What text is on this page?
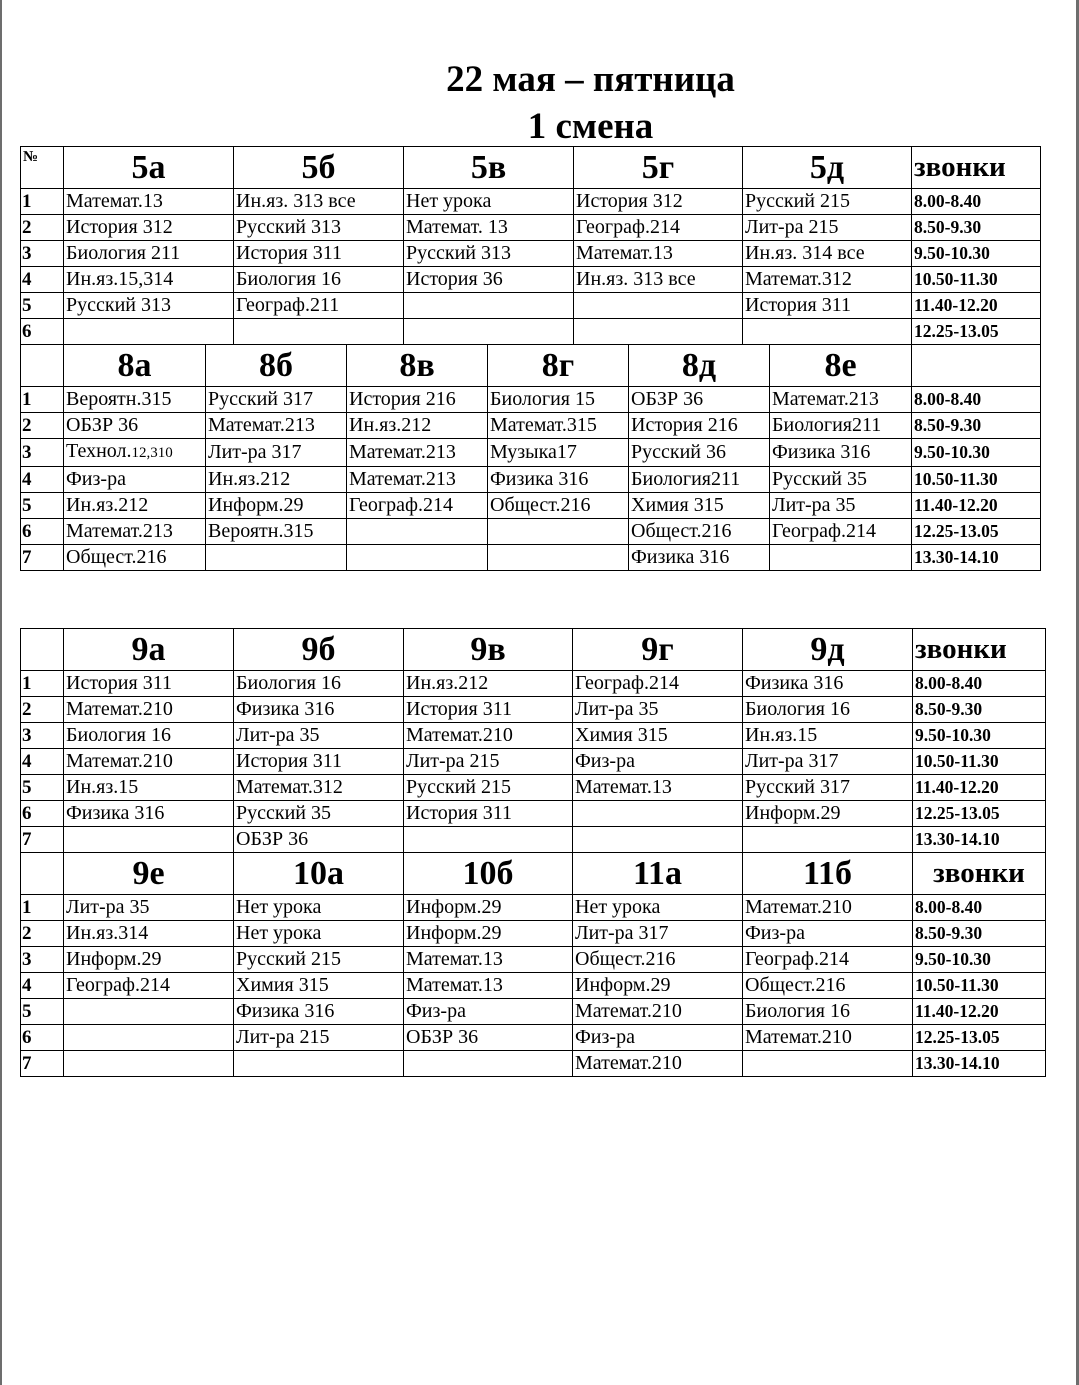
22 мая – пятница
1 смена
№	5а		5б		5в		5г		5д		звонки
1	Математ.13		Ин.яз. 313 все		Нет урока		История 312		Русский 215		8.00-8.40
2	История 312		Русский 313		Математ. 13		Географ.214		Лит-ра 215		8.50-9.30
3	Биология 211		История 311		Русский 313		Математ.13		Ин.яз. 314 все		9.50-10.30
4	Ин.яз.15,314		Биология 16		История 36		Ин.яз. 313 все		Математ.312		10.50-11.30
5	Русский 313		Географ.211						История 311		11.40-12.20
6											12.25-13.05
	8а	8б		8в		8г		8д		8е	
1	Вероятн.315	Русский 317		История 216		Биология 15		ОБЗР 36		Математ.213	8.00-8.40
2	ОБЗР 36	Математ.213		Ин.яз.212		Математ.315		История 216		Биология211	8.50-9.30
3	Технол.12,310	Лит-ра 317		Математ.213		Музыка17		Русский 36		Физика 316	9.50-10.30
4	Физ-ра	Ин.яз.212		Математ.213		Физика 316		Биология211		Русский 35	10.50-11.30
5	Ин.яз.212	Информ.29		Географ.214		Общест.216		Химия 315		Лит-ра 35	11.40-12.20
6	Математ.213	Вероятн.315						Общест.216		Географ.214	12.25-13.05
7	Общест.216							Физика 316			13.30-14.10
	9а	9б	9в	9г	9д	звонки
1	История 311	Биология 16	Ин.яз.212	Географ.214	Физика 316	8.00-8.40
2	Математ.210	Физика 316	История 311	Лит-ра 35	Биология 16	8.50-9.30
3	Биология 16	Лит-ра 35	Математ.210	Химия 315	Ин.яз.15	9.50-10.30
4	Математ.210	История 311	Лит-ра 215	Физ-ра	Лит-ра 317	10.50-11.30
5	Ин.яз.15	Математ.312	Русский 215	Математ.13	Русский 317	11.40-12.20
6	Физика 316	Русский 35	История 311		Информ.29	12.25-13.05
7		ОБЗР 36				13.30-14.10
	9е	10а	10б	11а	11б	звонки
1	Лит-ра 35	Нет урока	Информ.29	Нет урока	Математ.210	8.00-8.40
2	Ин.яз.314	Нет урока	Информ.29	Лит-ра 317	Физ-ра	8.50-9.30
3	Информ.29	Русский 215	Математ.13	Общест.216	Географ.214	9.50-10.30
4	Географ.214	Химия 315	Математ.13	Информ.29	Общест.216	10.50-11.30
5		Физика 316	Физ-ра	Математ.210	Биология 16	11.40-12.20
6		Лит-ра 215	ОБЗР 36	Физ-ра	Математ.210	12.25-13.05
7				Математ.210		13.30-14.10
